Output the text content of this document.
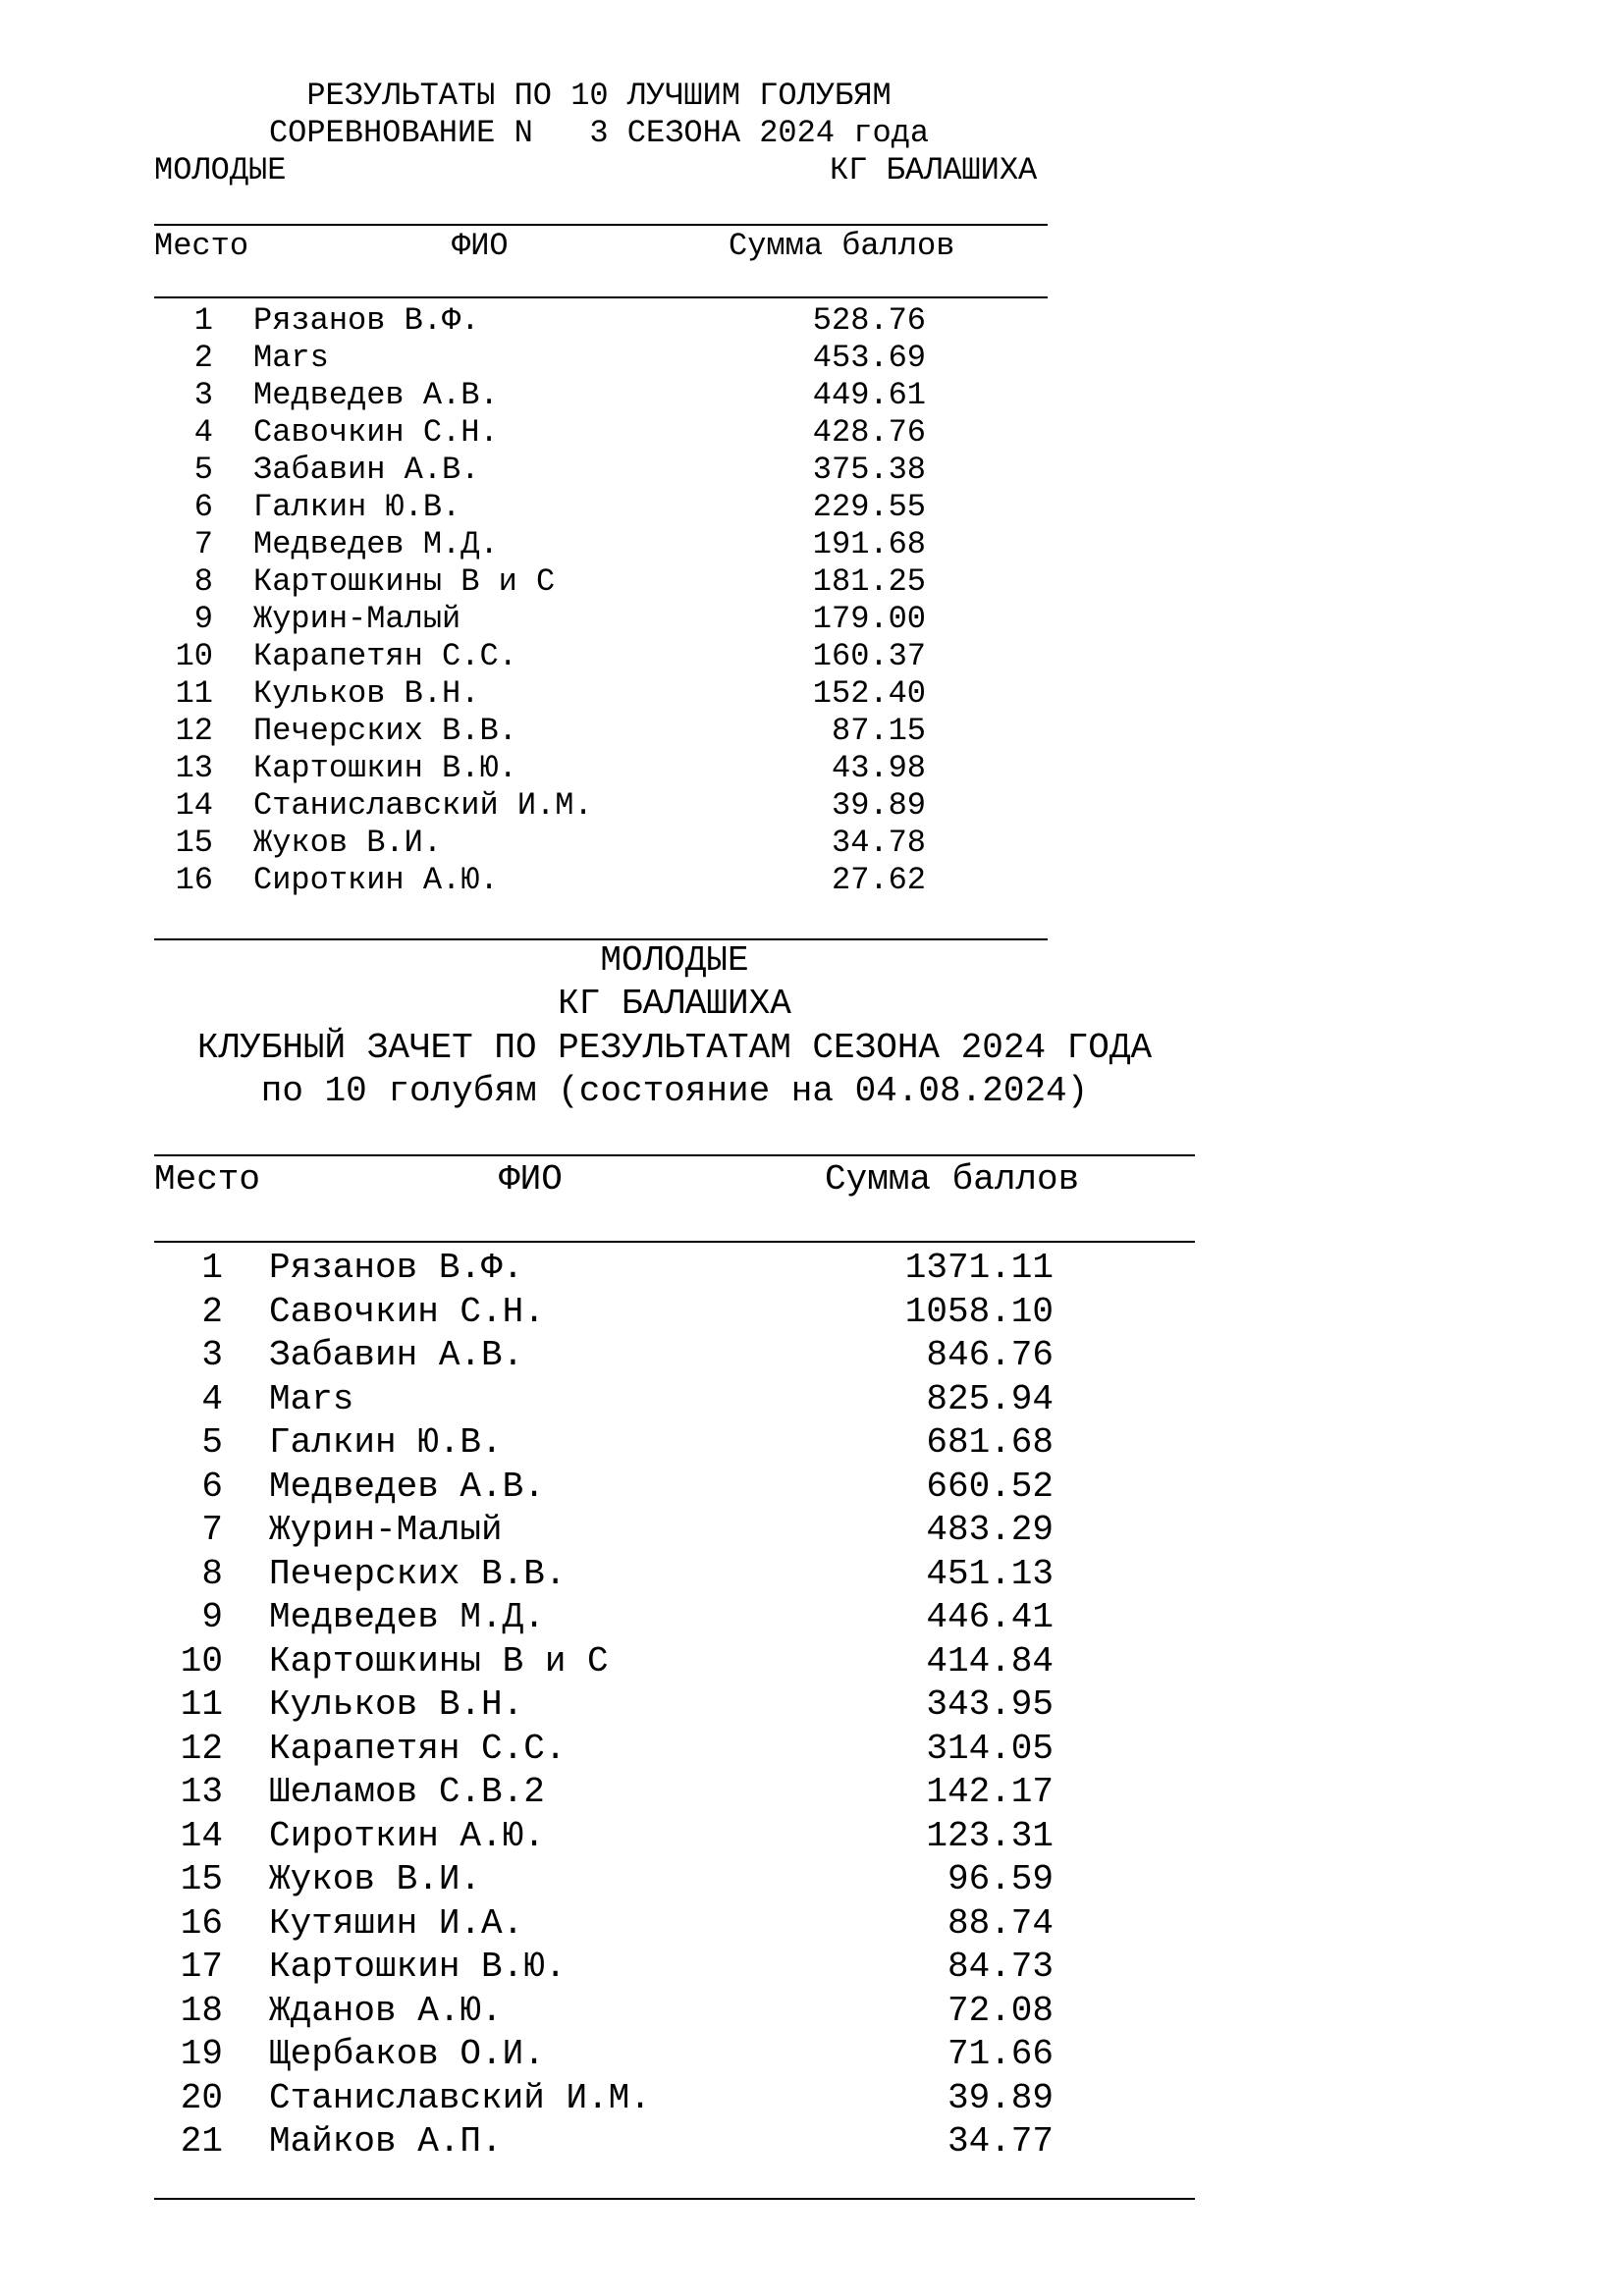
РЕЗУЛЬТАТЫ ПО 10 ЛУЧШИМ ГОЛУБЯМ
СОРЕВНОВАНИЕ N   3 СЕЗОНА 2024 года
МОЛОДЫЕ	КГ БАЛАШИХА
Место	ФИО	Сумма баллов
1 Рязанов В.Ф.	528.76
2 Mars	453.69
3 Медведев А.В.	449.61
4 Савочкин С.Н.	428.76
5 Забавин А.В.	375.38
6 Галкин Ю.В.	229.55
7 Медведев М.Д.	191.68
8 Картошкины В и С	181.25
9 Журин-Малый	179.00
10 Карапетян С.С.	160.37
11 Кульков В.Н.	152.40
12 Печерских В.В.	87.15
13 Картошкин В.Ю.	43.98
14 Станиславский И.М.	39.89
15 Жуков В.И.	34.78
16 Сироткин А.Ю.	27.62
МОЛОДЫЕ
КГ БАЛАШИХА
КЛУБНЫЙ ЗАЧЕТ ПО РЕЗУЛЬТАТАМ СЕЗОНА 2024 ГОДА
по 10 голубям (состояние на 04.08.2024)
Место	ФИО	Сумма баллов
1 Рязанов В.Ф.	1371.11
2 Савочкин С.Н.	1058.10
3 Забавин А.В.	846.76
4 Mars	825.94
5 Галкин Ю.В.	681.68
6 Медведев А.В.	660.52
7 Журин-Малый	483.29
8 Печерских В.В.	451.13
9 Медведев М.Д.	446.41
10 Картошкины В и С	414.84
11 Кульков В.Н.	343.95
12 Карапетян С.С.	314.05
13 Шеламов С.В.2	142.17
14 Сироткин А.Ю.	123.31
15 Жуков В.И.	96.59
16 Кутяшин И.А.	88.74
17 Картошкин В.Ю.	84.73
18 Жданов А.Ю.	72.08
19 Щербаков О.И.	71.66
20 Станиславский И.М.	39.89
21 Майков А.П.	34.77
